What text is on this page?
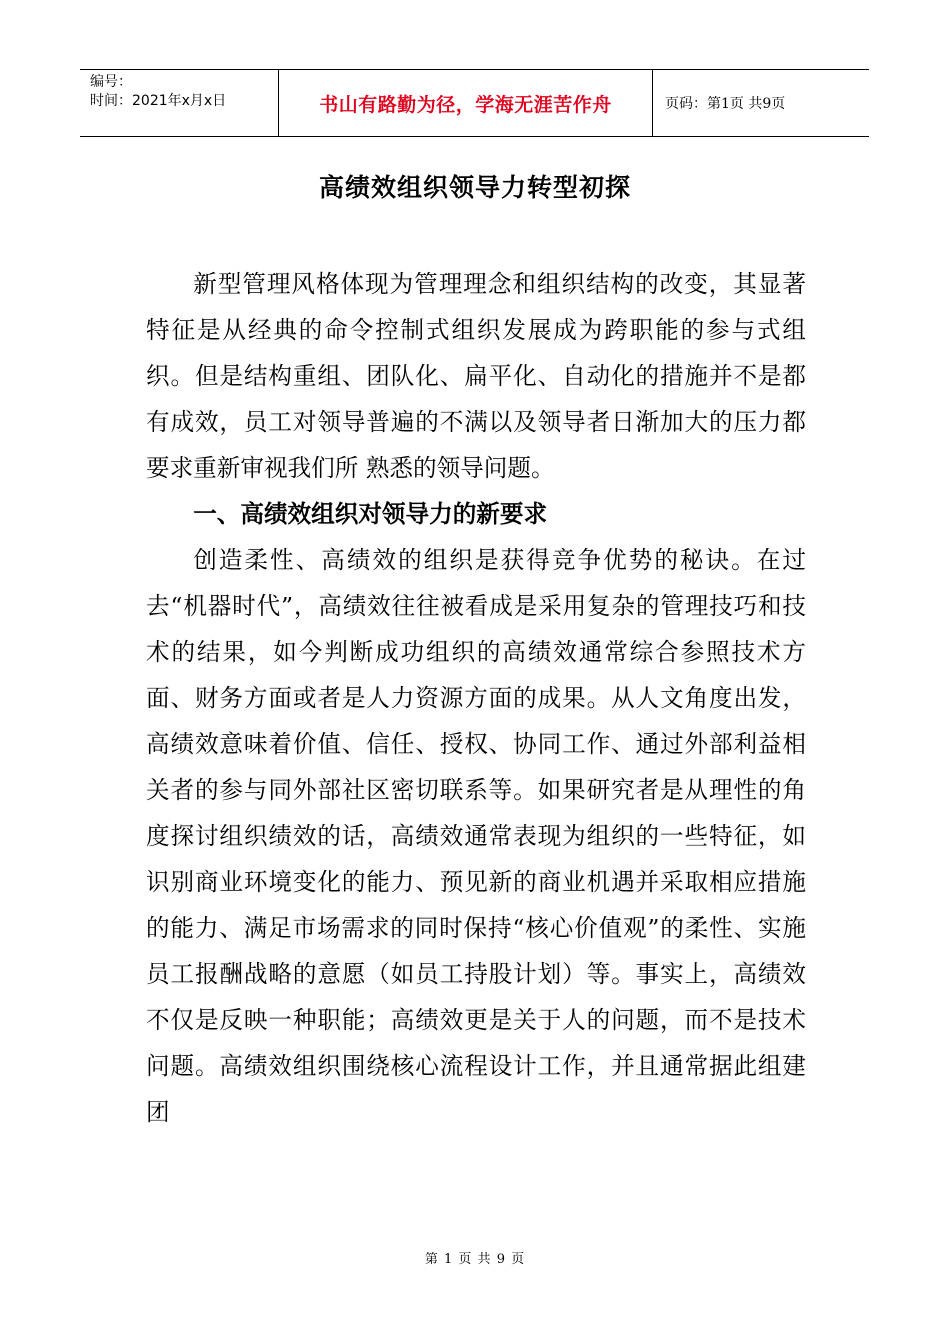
编号：
时间：2021年x月x日	书山有路勤为径，学海无涯苦作舟	页码：第1页 共9页
高绩效组织领导力转型初探

新型管理风格体现为管理理念和组织结构的改变，其显著特征是从经典的命令控制式组织发展成为跨职能的参与式组织。但是结构重组、团队化、扁平化、自动化的措施并不是都有成效，员工对领导普遍的不满以及领导者日渐加大的压力都要求重新审视我们所 熟悉的领导问题。

一、高绩效组织对领导力的新要求

创造柔性、高绩效的组织是获得竞争优势的秘诀。在过去“机器时代”，高绩效往往被看成是采用复杂的管理技巧和技术的结果，如今判断成功组织的高绩效通常综合参照技术方面、财务方面或者是人力资源方面的成果。从人文角度出发，高绩效意味着价值、信任、授权、协同工作、通过外部利益相关者的参与同外部社区密切联系等。如果研究者是从理性的角度探讨组织绩效的话，高绩效通常表现为组织的一些特征，如识别商业环境变化的能力、预见新的商业机遇并采取相应措施的能力、满足市场需求的同时保持“核心价值观”的柔性、实施员工报酬战略的意愿（如员工持股计划）等。事实上，高绩效不仅是反映一种职能；高绩效更是关于人的问题，而不是技术问题。高绩效组织围绕核心流程设计工作，并且通常据此组建团

第 1 页 共 9 页
